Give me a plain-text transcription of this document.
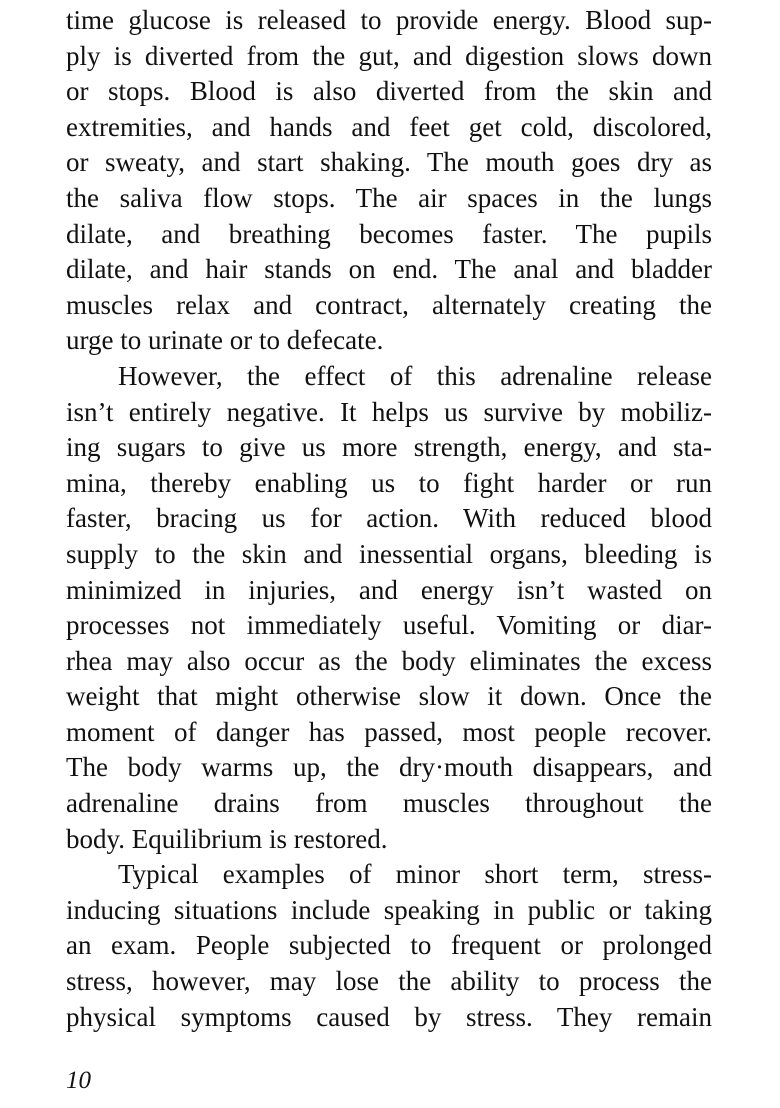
time glucose is released to provide energy. Blood sup-
ply is diverted from the gut, and digestion slows down
or stops. Blood is also diverted from the skin and
extremities, and hands and feet get cold, discolored,
or sweaty, and start shaking. The mouth goes dry as
the saliva flow stops. The air spaces in the lungs
dilate, and breathing becomes faster. The pupils
dilate, and hair stands on end. The anal and bladder
muscles relax and contract, alternately creating the
urge to urinate or to defecate.
However, the effect of this adrenaline release
isn’t entirely negative. It helps us survive by mobiliz-
ing sugars to give us more strength, energy, and sta-
mina, thereby enabling us to fight harder or run
faster, bracing us for action. With reduced blood
supply to the skin and inessential organs, bleeding is
minimized in injuries, and energy isn’t wasted on
processes not immediately useful. Vomiting or diar-
rhea may also occur as the body eliminates the excess
weight that might otherwise slow it down. Once the
moment of danger has passed, most people recover.
The body warms up, the dry·mouth disappears, and
adrenaline drains from muscles throughout the
body. Equilibrium is restored.
Typical examples of minor short term, stress-
inducing situations include speaking in public or taking
an exam. People subjected to frequent or prolonged
stress, however, may lose the ability to process the
physical symptoms caused by stress. They remain
10
